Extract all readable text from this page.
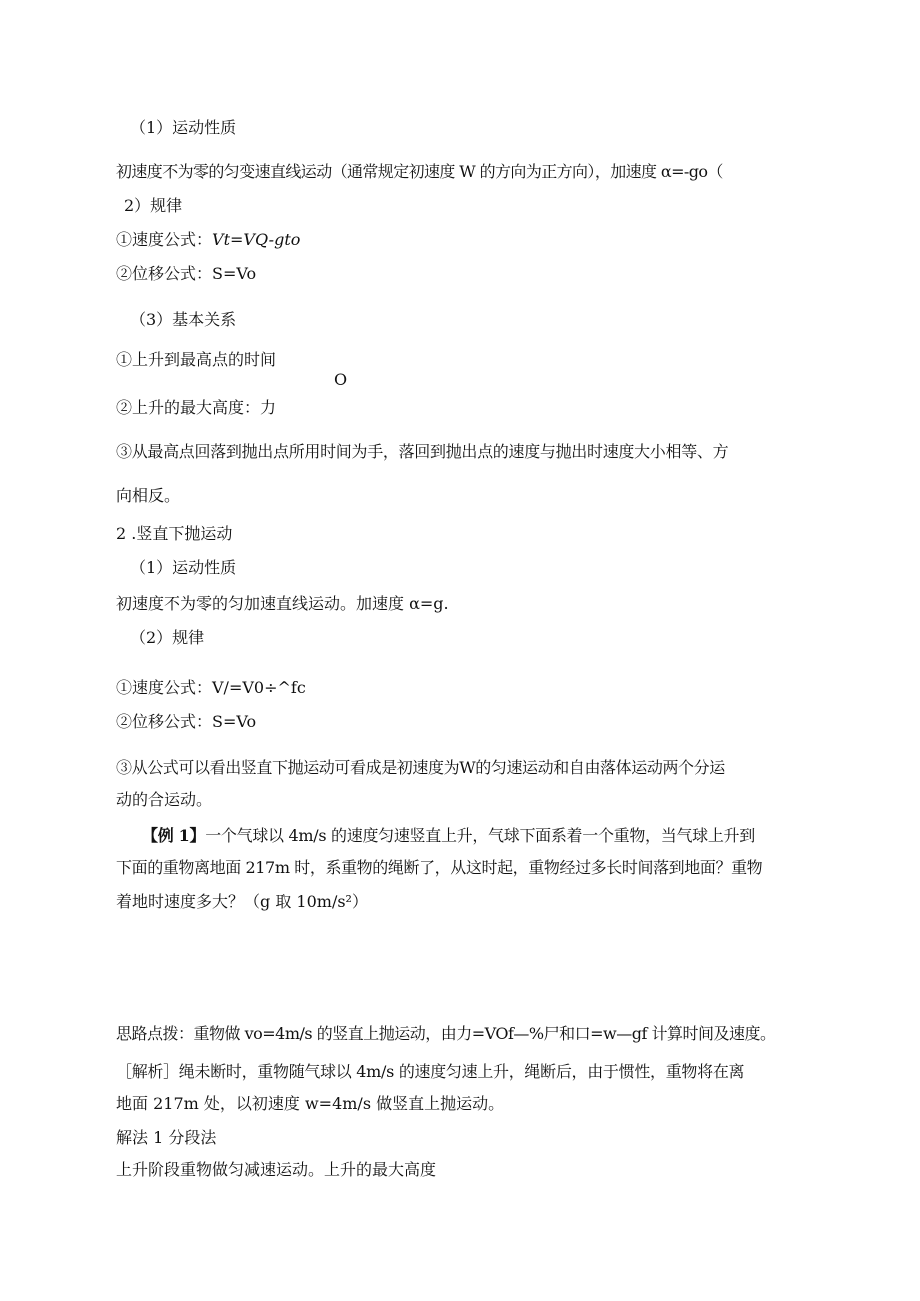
（1）运动性质

初速度不为零的匀变速直线运动（通常规定初速度 W 的方向为正方向），加速度 α=-go（

2）规律

①速度公式：Vt=VQ-gto

②位移公式：S=Vo

（3）基本关系

①上升到最高点的时间

O

②上升的最大高度：力

③从最高点回落到抛出点所用时间为手，落回到抛出点的速度与抛出时速度大小相等、方

向相反。

2 .竖直下抛运动

（1）运动性质

初速度不为零的匀加速直线运动。加速度 α=g.

（2）规律

①速度公式：V∕=V0÷^fc

②位移公式：S=Vo

③从公式可以看出竖直下抛运动可看成是初速度为W的匀速运动和自由落体运动两个分运

动的合运动。

【例 1】一个气球以 4m/s 的速度匀速竖直上升，气球下面系着一个重物，当气球上升到

下面的重物离地面 217m 时，系重物的绳断了，从这时起，重物经过多长时间落到地面？重物

着地时速度多大？（g 取 10m∕s²）

思路点拨：重物做 vo=4m∕s 的竖直上抛运动，由力=VOf—%尸和口=w—gf 计算时间及速度。

［解析］绳未断时，重物随气球以 4m/s 的速度匀速上升，绳断后，由于惯性，重物将在离

地面 217m 处，以初速度 w=4m/s 做竖直上抛运动。

解法 1 分段法

上升阶段重物做匀减速运动。上升的最大高度
